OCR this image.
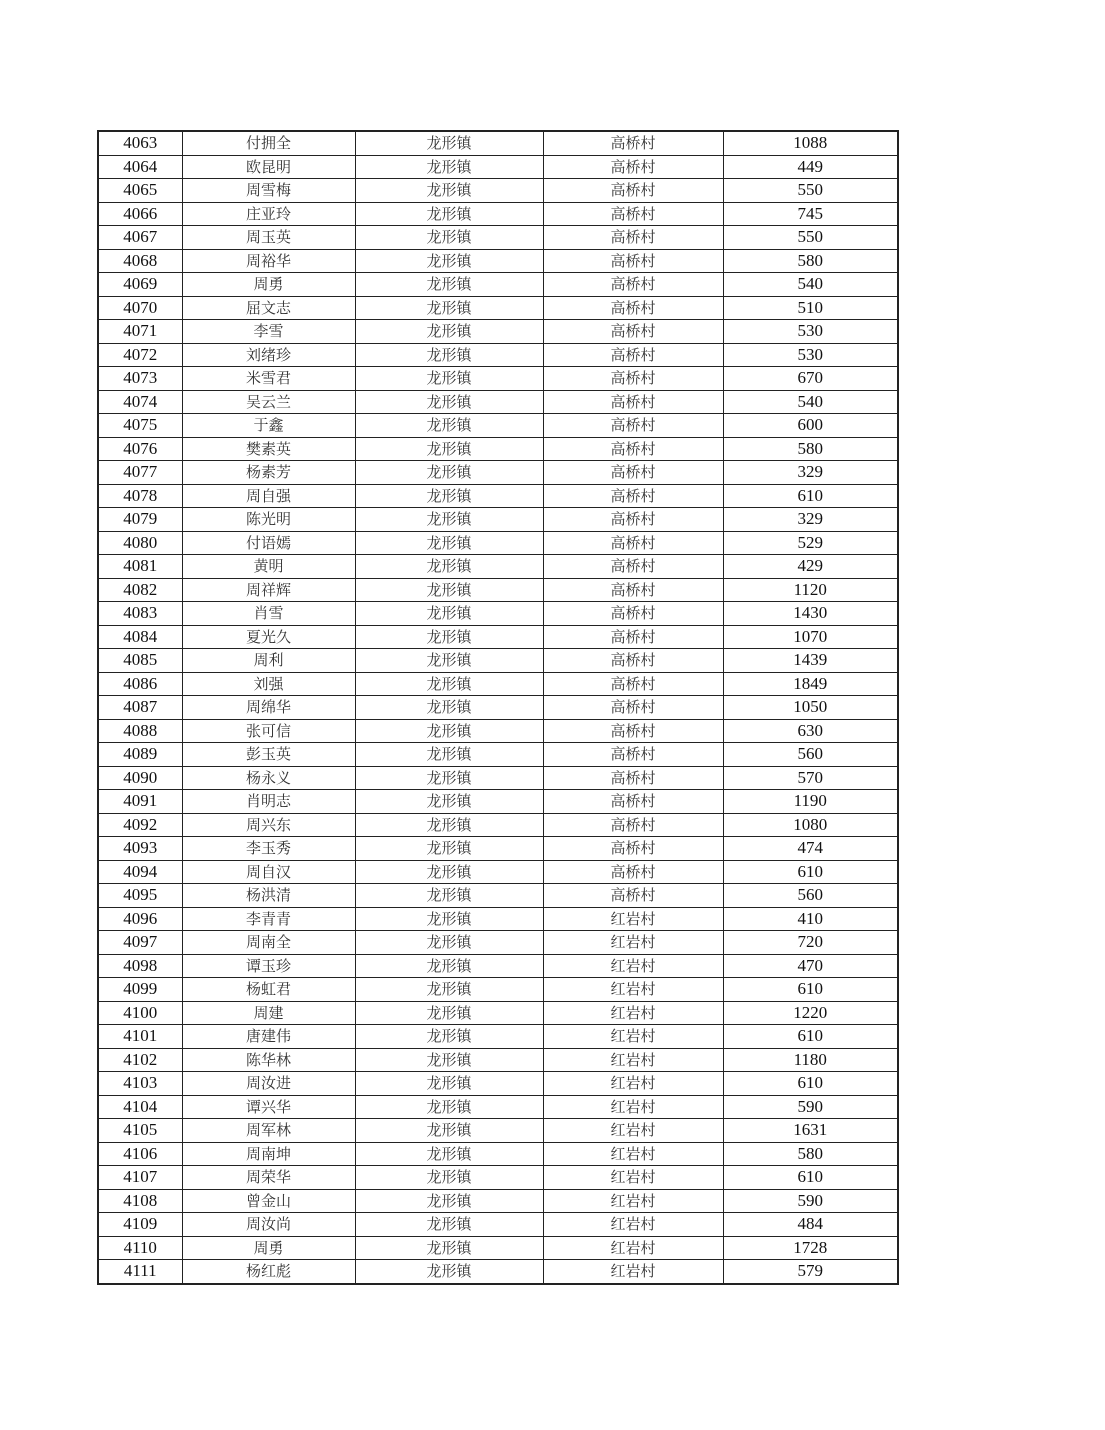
4063	付拥全	龙形镇	高桥村	1088
4064	欧昆明	龙形镇	高桥村	449
4065	周雪梅	龙形镇	高桥村	550
4066	庄亚玲	龙形镇	高桥村	745
4067	周玉英	龙形镇	高桥村	550
4068	周裕华	龙形镇	高桥村	580
4069	周勇	龙形镇	高桥村	540
4070	屈文志	龙形镇	高桥村	510
4071	李雪	龙形镇	高桥村	530
4072	刘绪珍	龙形镇	高桥村	530
4073	米雪君	龙形镇	高桥村	670
4074	吴云兰	龙形镇	高桥村	540
4075	于鑫	龙形镇	高桥村	600
4076	樊素英	龙形镇	高桥村	580
4077	杨素芳	龙形镇	高桥村	329
4078	周自强	龙形镇	高桥村	610
4079	陈光明	龙形镇	高桥村	329
4080	付语嫣	龙形镇	高桥村	529
4081	黄明	龙形镇	高桥村	429
4082	周祥辉	龙形镇	高桥村	1120
4083	肖雪	龙形镇	高桥村	1430
4084	夏光久	龙形镇	高桥村	1070
4085	周利	龙形镇	高桥村	1439
4086	刘强	龙形镇	高桥村	1849
4087	周绵华	龙形镇	高桥村	1050
4088	张可信	龙形镇	高桥村	630
4089	彭玉英	龙形镇	高桥村	560
4090	杨永义	龙形镇	高桥村	570
4091	肖明志	龙形镇	高桥村	1190
4092	周兴东	龙形镇	高桥村	1080
4093	李玉秀	龙形镇	高桥村	474
4094	周自汉	龙形镇	高桥村	610
4095	杨洪清	龙形镇	高桥村	560
4096	李青青	龙形镇	红岩村	410
4097	周南全	龙形镇	红岩村	720
4098	谭玉珍	龙形镇	红岩村	470
4099	杨虹君	龙形镇	红岩村	610
4100	周建	龙形镇	红岩村	1220
4101	唐建伟	龙形镇	红岩村	610
4102	陈华林	龙形镇	红岩村	1180
4103	周汝进	龙形镇	红岩村	610
4104	谭兴华	龙形镇	红岩村	590
4105	周军林	龙形镇	红岩村	1631
4106	周南坤	龙形镇	红岩村	580
4107	周荣华	龙形镇	红岩村	610
4108	曾金山	龙形镇	红岩村	590
4109	周汝尚	龙形镇	红岩村	484
4110	周勇	龙形镇	红岩村	1728
4111	杨红彪	龙形镇	红岩村	579
